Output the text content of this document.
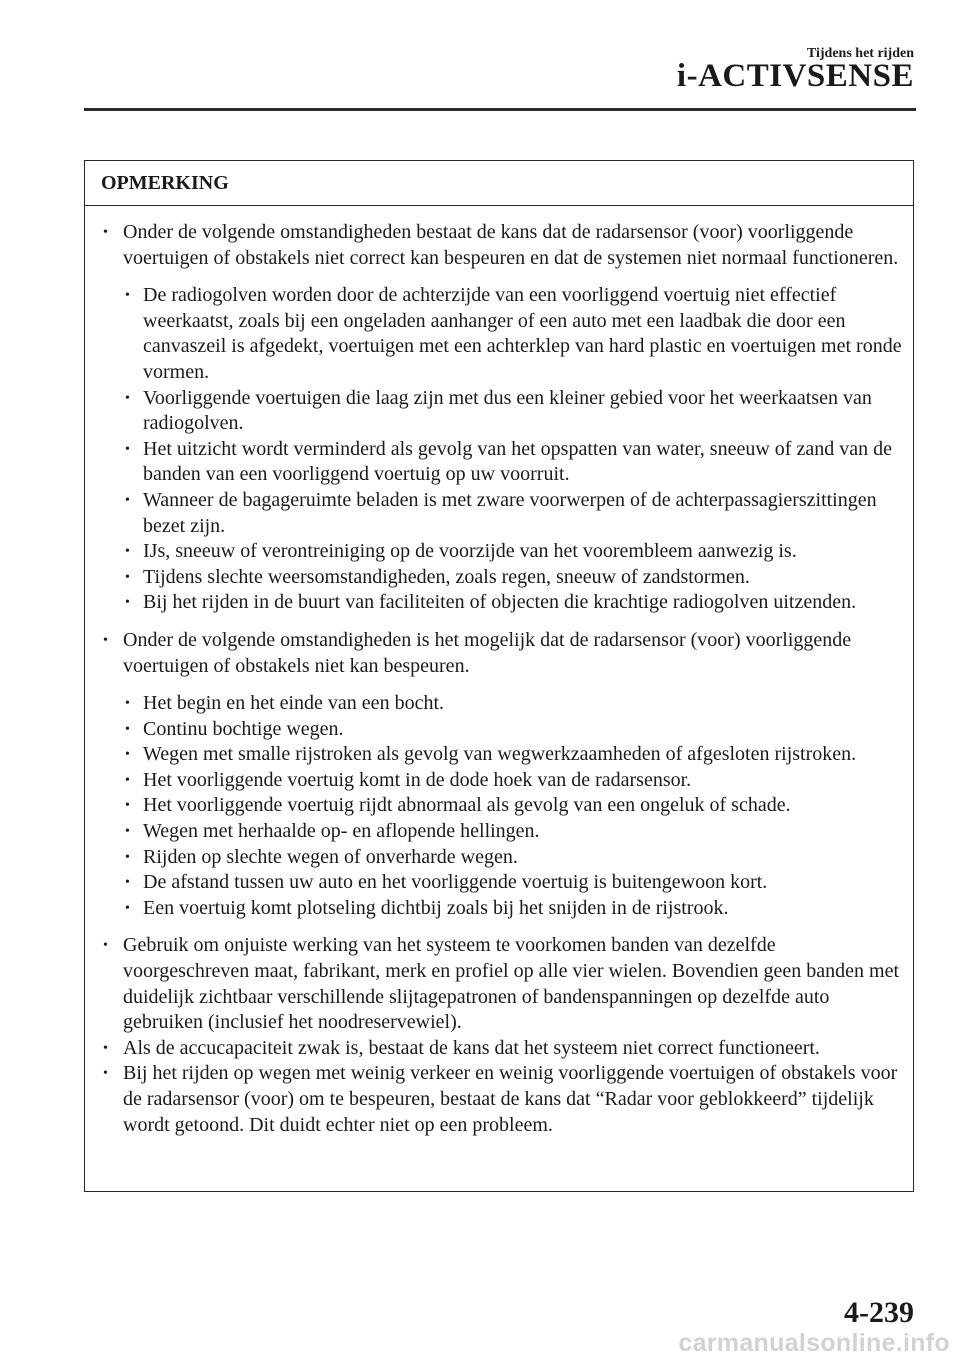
Tijdens het rijden
i-ACTIVSENSE
OPMERKING
• Onder de volgende omstandigheden bestaat de kans dat de radarsensor (voor) voorliggende voertuigen of obstakels niet correct kan bespeuren en dat de systemen niet normaal functioneren.
• De radiogolven worden door de achterzijde van een voorliggend voertuig niet effectief weerkaatst, zoals bij een ongeladen aanhanger of een auto met een laadbak die door een canvaszeil is afgedekt, voertuigen met een achterklep van hard plastic en voertuigen met ronde vormen.
• Voorliggende voertuigen die laag zijn met dus een kleiner gebied voor het weerkaatsen van radiogolven.
• Het uitzicht wordt verminderd als gevolg van het opspatten van water, sneeuw of zand van de banden van een voorliggend voertuig op uw voorruit.
• Wanneer de bagageruimte beladen is met zware voorwerpen of de achterpassagierszittingen bezet zijn.
• IJs, sneeuw of verontreiniging op de voorzijde van het voorembleem aanwezig is.
• Tijdens slechte weersomstandigheden, zoals regen, sneeuw of zandstormen.
• Bij het rijden in de buurt van faciliteiten of objecten die krachtige radiogolven uitzenden.
• Onder de volgende omstandigheden is het mogelijk dat de radarsensor (voor) voorliggende voertuigen of obstakels niet kan bespeuren.
• Het begin en het einde van een bocht.
• Continu bochtige wegen.
• Wegen met smalle rijstroken als gevolg van wegwerkzaamheden of afgesloten rijstroken.
• Het voorliggende voertuig komt in de dode hoek van de radarsensor.
• Het voorliggende voertuig rijdt abnormaal als gevolg van een ongeluk of schade.
• Wegen met herhaalde op- en aflopende hellingen.
• Rijden op slechte wegen of onverharde wegen.
• De afstand tussen uw auto en het voorliggende voertuig is buitengewoon kort.
• Een voertuig komt plotseling dichtbij zoals bij het snijden in de rijstrook.
• Gebruik om onjuiste werking van het systeem te voorkomen banden van dezelfde voorgeschreven maat, fabrikant, merk en profiel op alle vier wielen. Bovendien geen banden met duidelijk zichtbaar verschillende slijtagepatronen of bandenspanningen op dezelfde auto gebruiken (inclusief het noodreservewiel).
• Als de accucapaciteit zwak is, bestaat de kans dat het systeem niet correct functioneert.
• Bij het rijden op wegen met weinig verkeer en weinig voorliggende voertuigen of obstakels voor de radarsensor (voor) om te bespeuren, bestaat de kans dat “Radar voor geblokkeerd” tijdelijk wordt getoond. Dit duidt echter niet op een probleem.
4-239
carmanualsonline.info
